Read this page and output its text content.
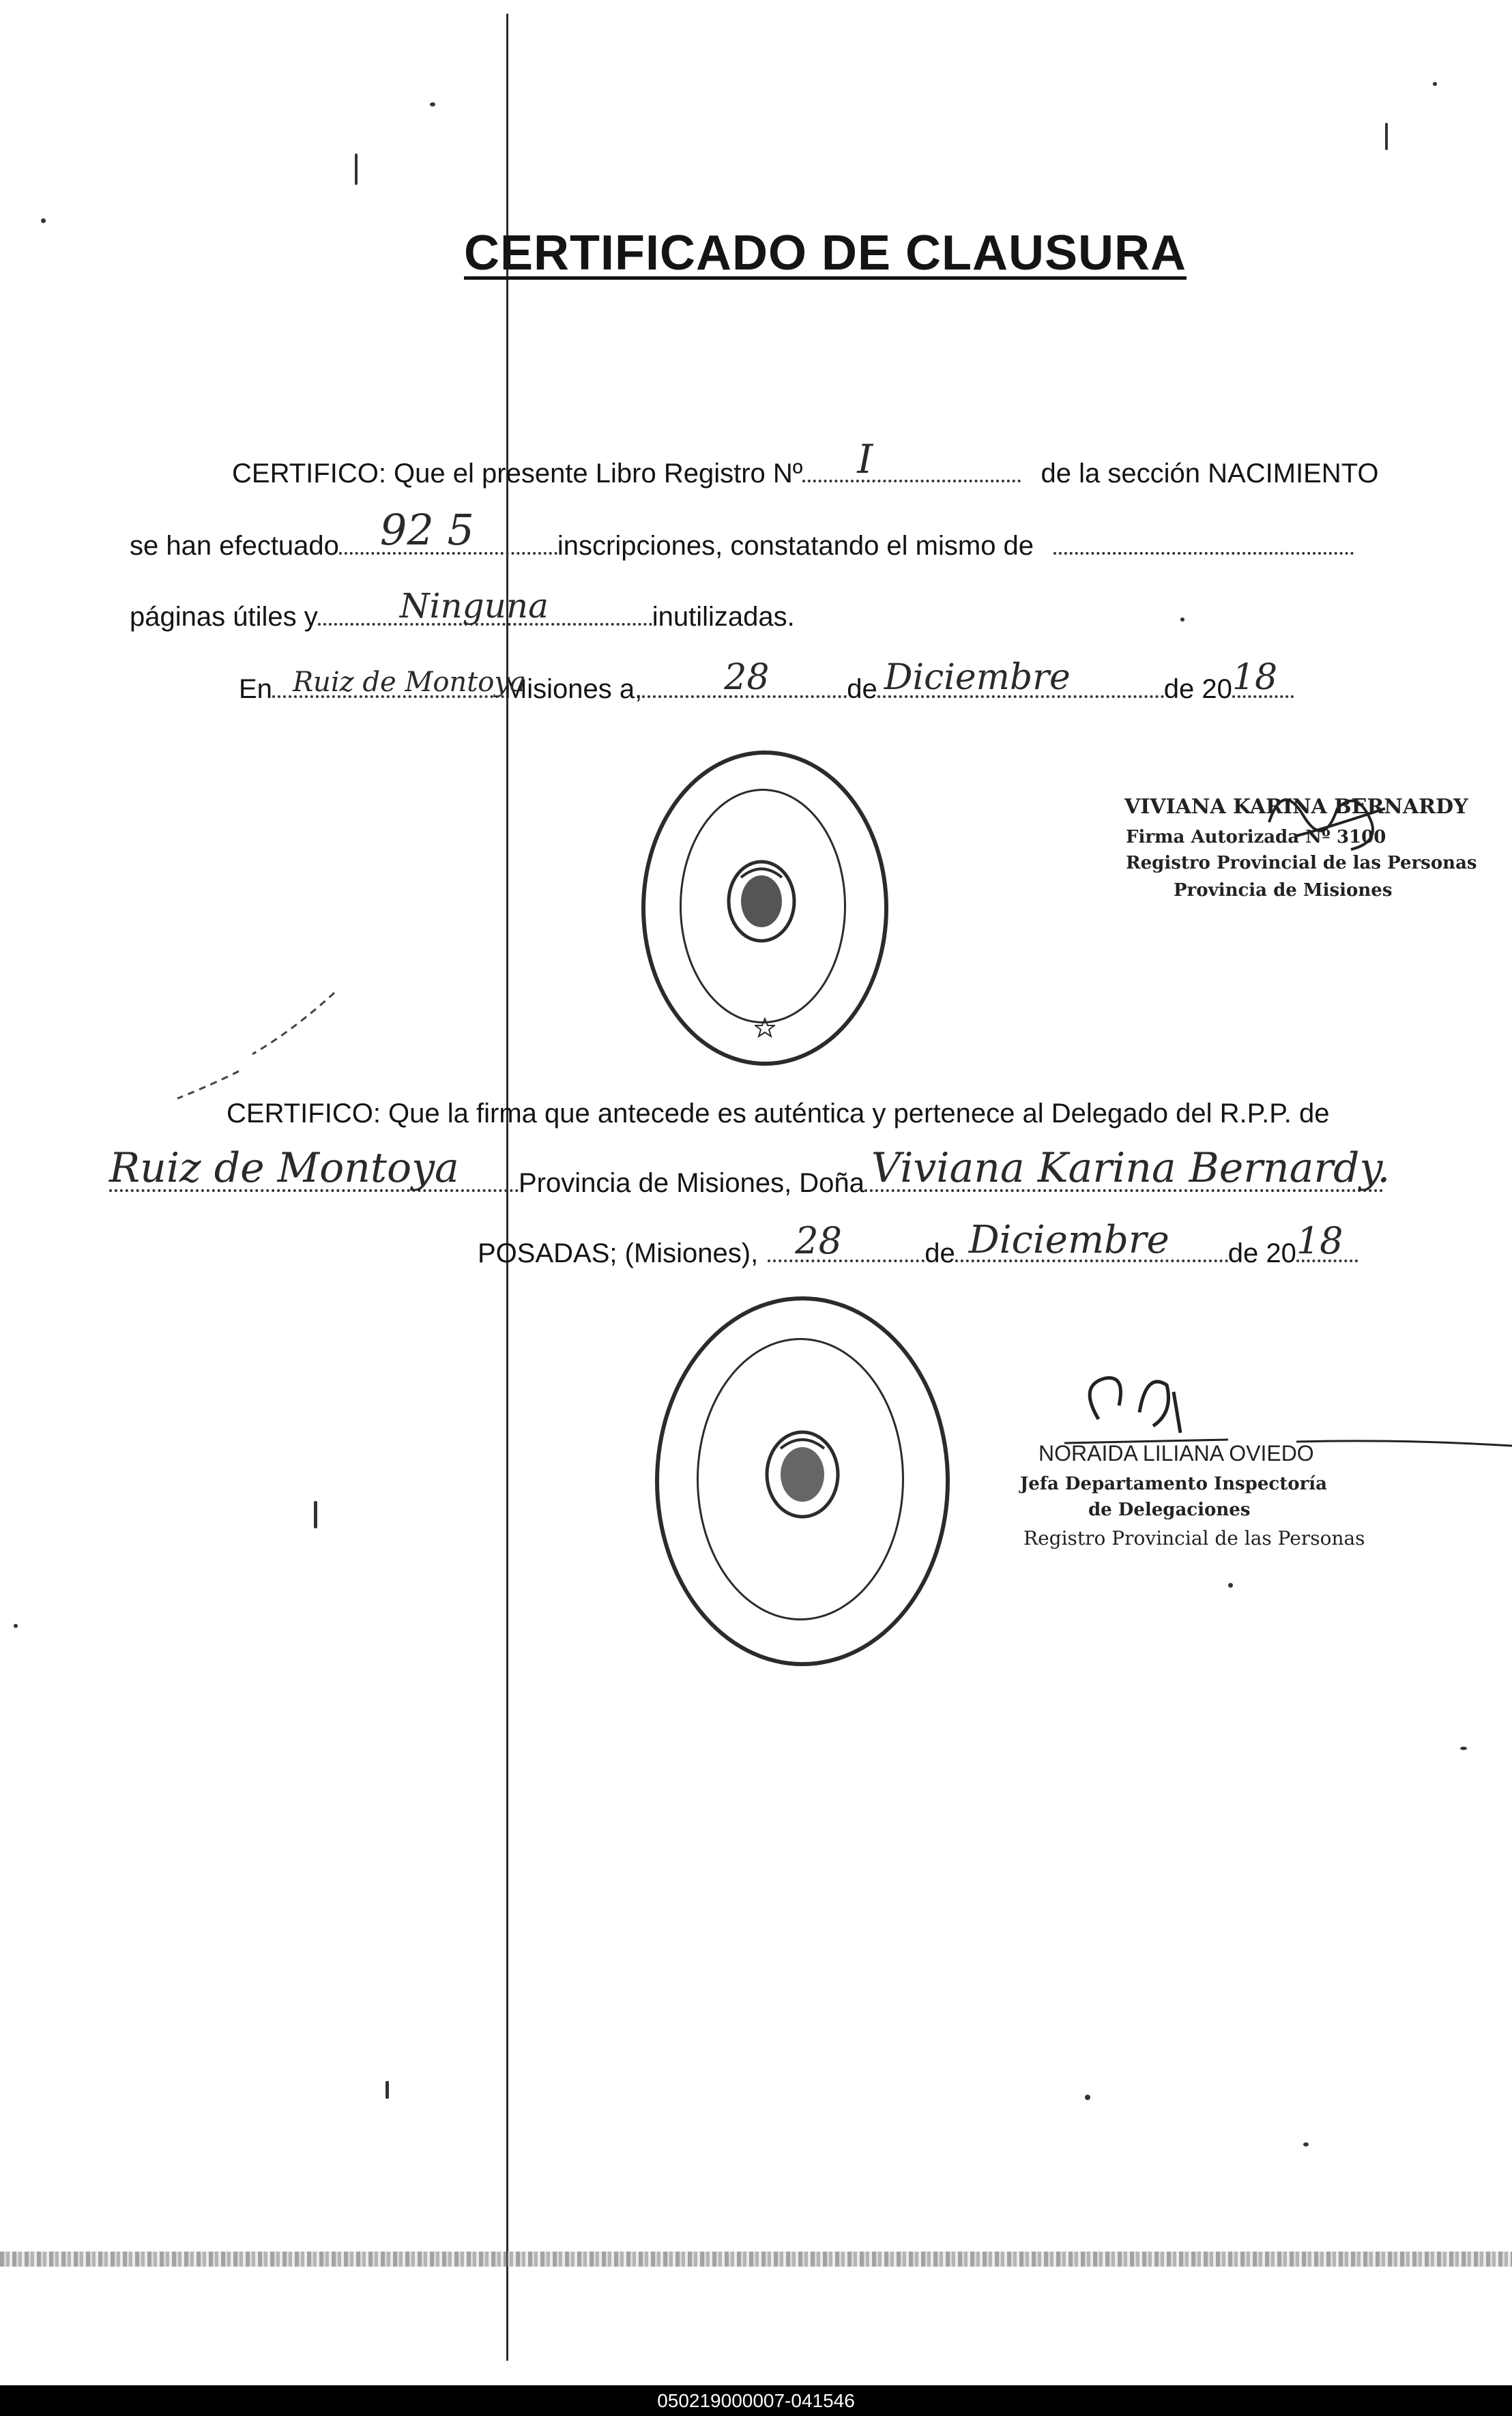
CERTIFICADO DE CLAUSURA
CERTIFICO: Que el presente Libro Registro Nº I	de la sección NACIMIENTO
se han efectuado 92 5	inscripciones, constatando el mismo de
páginas útiles y Ninguna	inutilizadas.
En Ruiz de Montoya
Misiones a, 28	de Diciembre	de 20 18
VIVIANA KARINA BERNARDY
Firma Autorizada Nº 3100
Registro Provincial de las Personas
Provincia de Misiones
CERTIFICO: Que la firma que antecede es auténtica y pertenece al Delegado del R.P.P. de
Ruiz de Montoya Provincia de Misiones, Doña Viviana Karina Bernardy.
POSADAS; (Misiones), 28	de Diciembre de 20 18
NORAIDA LILIANA OVIEDO
Jefa Departamento Inspectoría
de Delegaciones
Registro Provincial de las Personas
050219000007-041546
